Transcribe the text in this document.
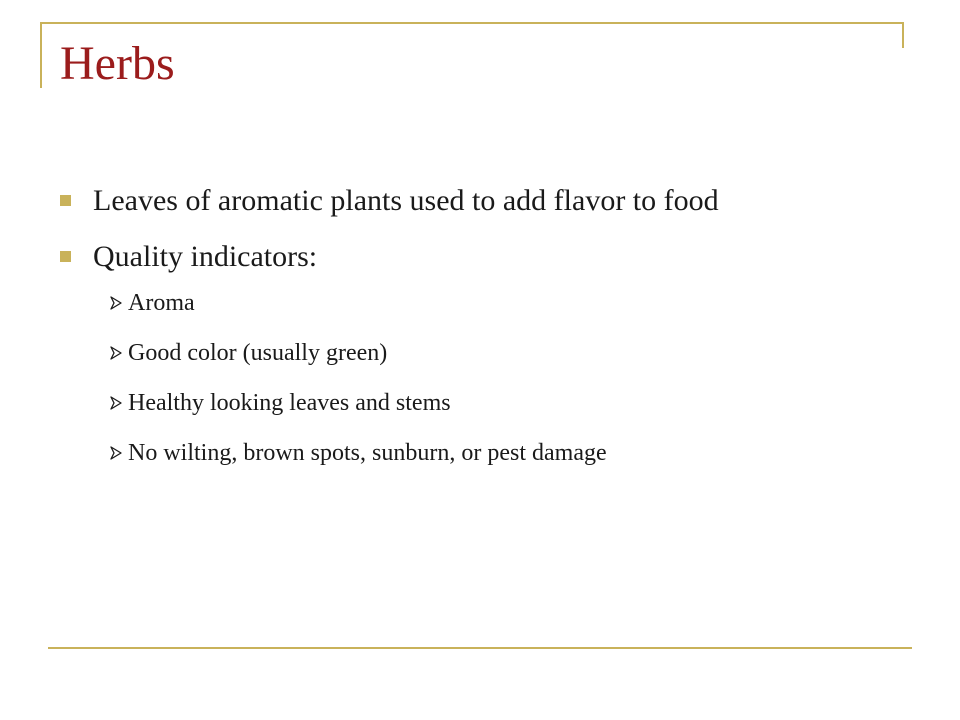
Herbs
Leaves of aromatic plants used to add flavor to food
Quality indicators:
Aroma
Good color (usually green)
Healthy looking leaves and stems
No wilting, brown spots, sunburn, or pest damage
